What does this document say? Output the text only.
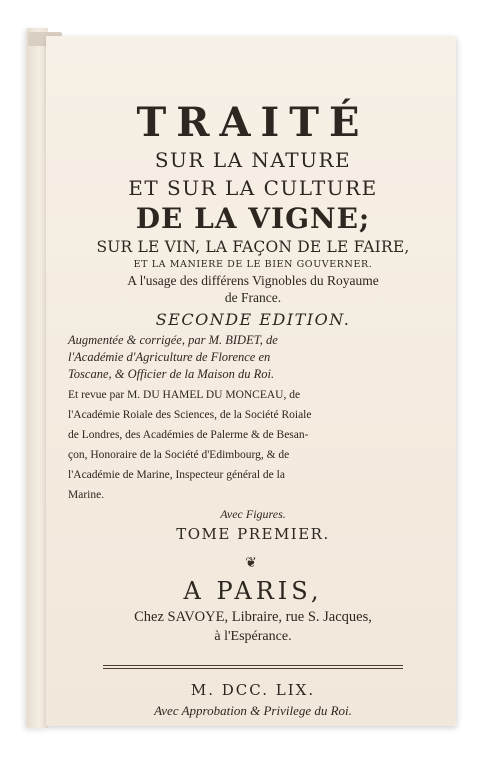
TRAITÉ
SUR LA NATURE
ET SUR LA CULTURE
DE LA VIGNE;
SUR LE VIN, LA FAÇON DE LE FAIRE,
ET LA MANIERE DE LE BIEN GOUVERNER.
A l'usage des différens Vignobles du Royaume
de France.
SECONDE EDITION.
Augmentée & corrigée, par M. BIDET, de
l'Académie d'Agriculture de Florence en
Toscane, & Officier de la Maison du Roi.
Et revue par M. DU HAMEL DU MONCEAU, de
l'Académie Roiale des Sciences, de la Société Roiale
de Londres, des Académies de Palerme & de Besan-
çon, Honoraire de la Société d'Edimbourg, & de
l'Académie de Marine, Inspecteur général de la
Marine.
Avec Figures.
TOME PREMIER.
❦
A PARIS,
Chez SAVOYE, Libraire, rue S. Jacques,
à l'Espérance.
M. DCC. LIX.
Avec Approbation & Privilege du Roi.
